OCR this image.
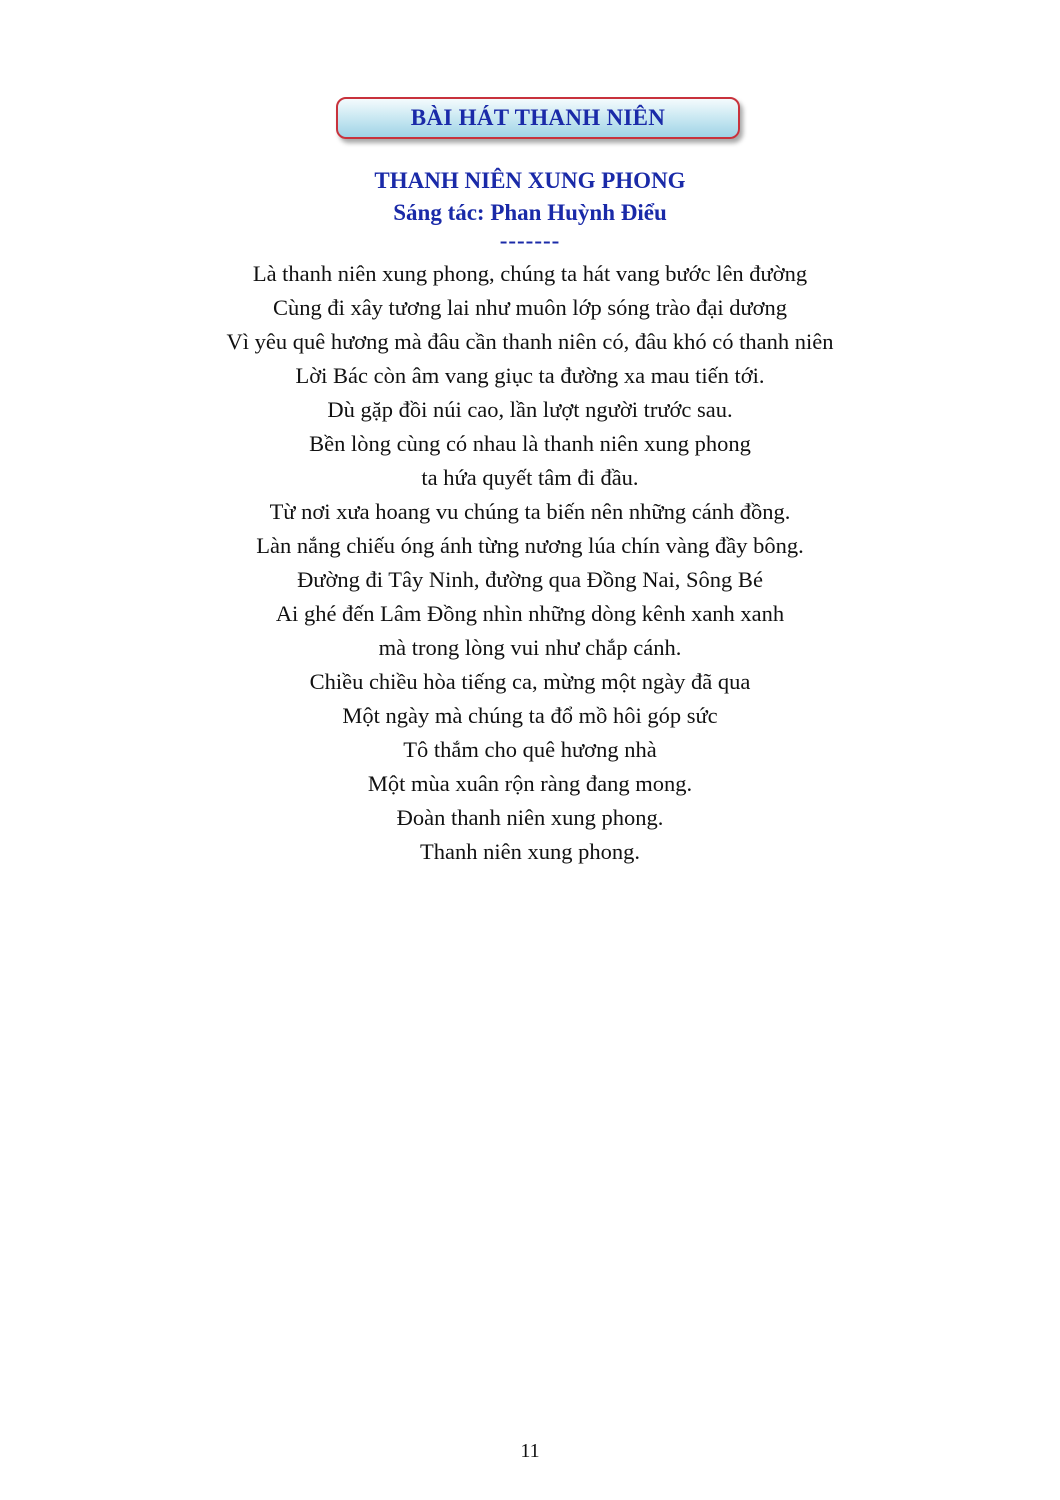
BÀI HÁT THANH NIÊN
THANH NIÊN XUNG PHONG
Sáng tác: Phan Huỳnh Điểu
-------
Là thanh niên xung phong, chúng ta hát vang bước lên đường
Cùng đi xây tương lai như muôn lớp sóng trào đại dương
Vì yêu quê hương mà đâu cần thanh niên có, đâu khó có thanh niên
Lời Bác còn âm vang giục ta đường xa mau tiến tới.
Dù gặp đồi núi cao, lần lượt người trước sau.
Bền lòng cùng có nhau là thanh niên xung phong
ta hứa quyết tâm đi đầu.
Từ nơi xưa hoang vu chúng ta biến nên những cánh đồng.
Làn nắng chiếu óng ánh từng nương lúa chín vàng đầy bông.
Đường đi Tây Ninh, đường qua Đồng Nai, Sông Bé
Ai ghé đến Lâm Đồng nhìn những dòng kênh xanh xanh
mà trong lòng vui như chắp cánh.
Chiều chiều hòa tiếng ca, mừng một ngày đã qua
Một ngày mà chúng ta đổ mồ hôi góp sức
Tô thắm cho quê hương nhà
Một mùa xuân rộn ràng đang mong.
Đoàn thanh niên xung phong.
Thanh niên xung phong.
11
